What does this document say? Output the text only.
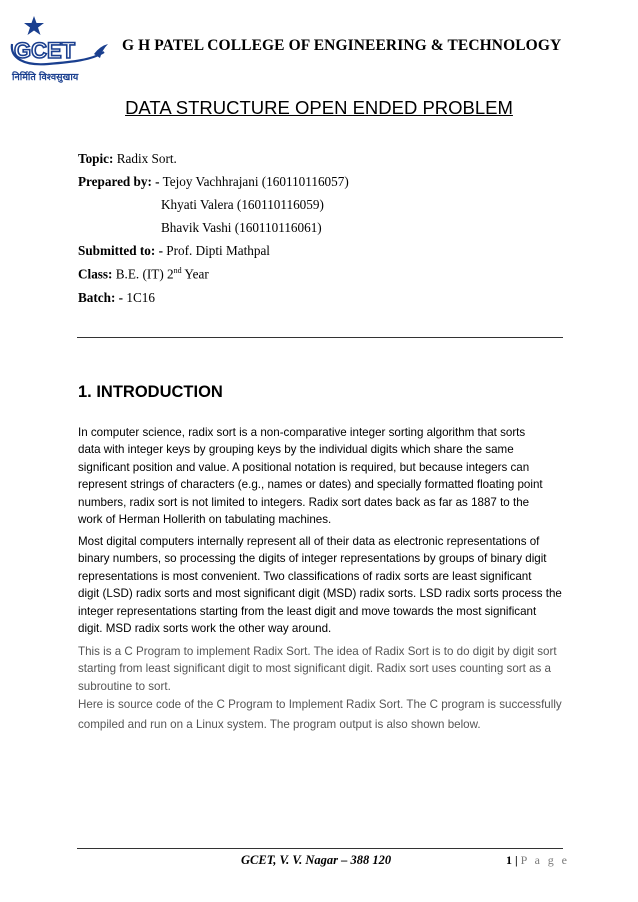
GCET
निर्मिति विश्वसुखाय
G H PATEL COLLEGE OF ENGINEERING & TECHNOLOGY
DATA STRUCTURE OPEN ENDED PROBLEM
Topic: Radix Sort.
Prepared by: - Tejoy Vachhrajani (160110116057)
Khyati Valera (160110116059)
Bhavik Vashi (160110116061)
Submitted to: - Prof. Dipti Mathpal
Class: B.E. (IT) 2nd Year
Batch: - 1C16
1. INTRODUCTION
In computer science, radix sort is a non-comparative integer sorting algorithm that sorts
data with integer keys by grouping keys by the individual digits which share the same
significant position and value. A positional notation is required, but because integers can
represent strings of characters (e.g., names or dates) and specially formatted floating point
numbers, radix sort is not limited to integers. Radix sort dates back as far as 1887 to the
work of Herman Hollerith on tabulating machines.
Most digital computers internally represent all of their data as electronic representations of
binary numbers, so processing the digits of integer representations by groups of binary digit
representations is most convenient. Two classifications of radix sorts are least significant
digit (LSD) radix sorts and most significant digit (MSD) radix sorts. LSD radix sorts process the
integer representations starting from the least digit and move towards the most significant
digit. MSD radix sorts work the other way around.
This is a C Program to implement Radix Sort. The idea of Radix Sort is to do digit by digit sort
starting from least significant digit to most significant digit. Radix sort uses counting sort as a
subroutine to sort.
Here is source code of the C Program to Implement Radix Sort. The C program is successfully
compiled and run on a Linux system. The program output is also shown below.
GCET, V. V. Nagar – 388 120	1 | P a g e
